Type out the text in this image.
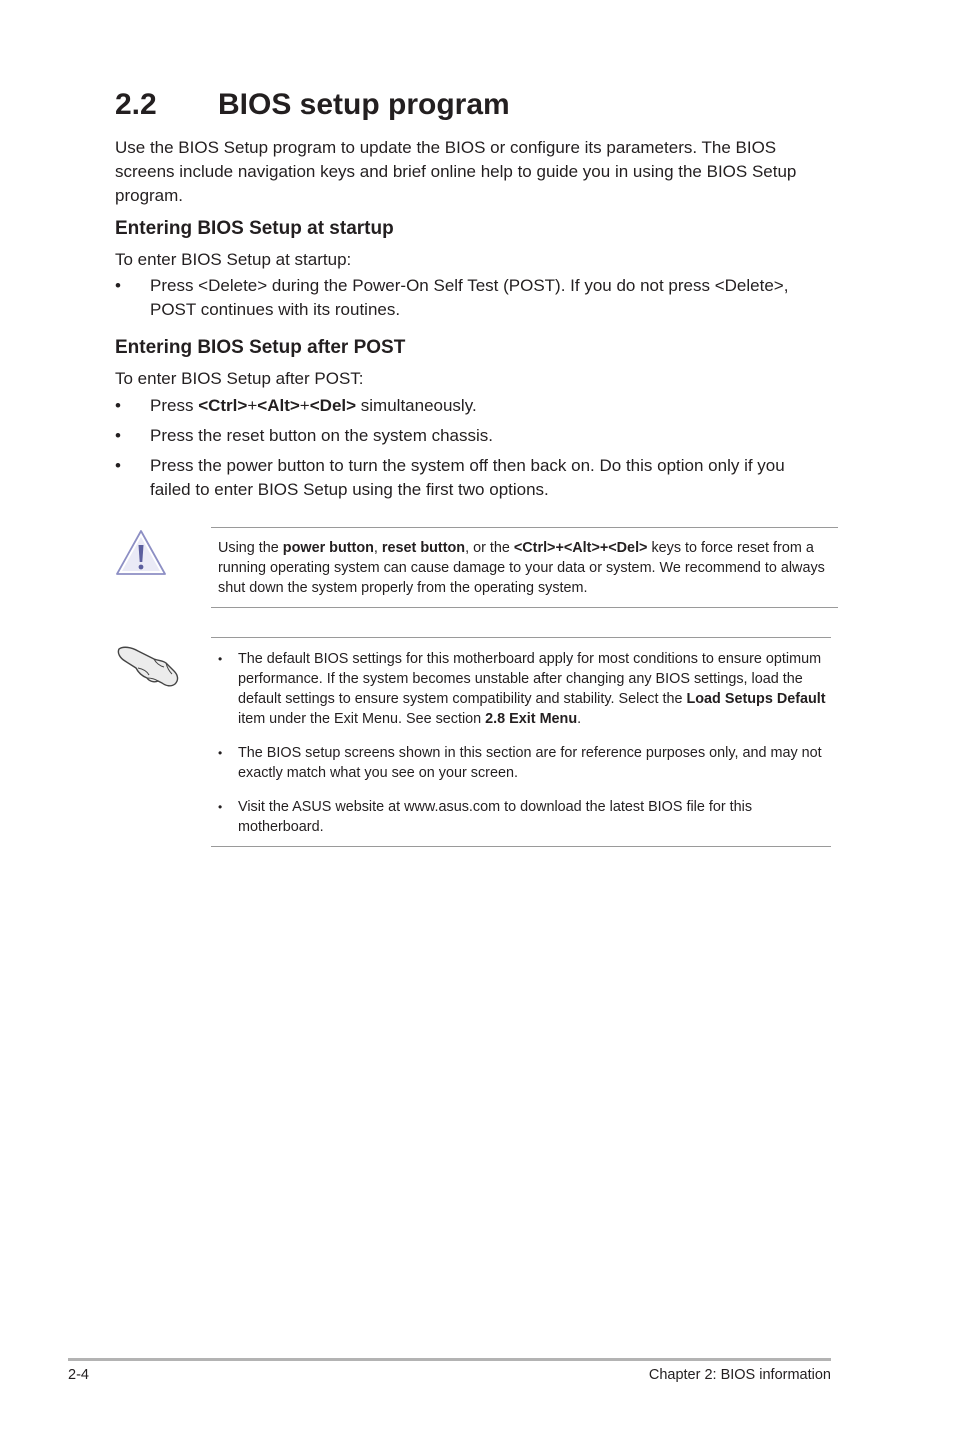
2.2 BIOS setup program

Use the BIOS Setup program to update the BIOS or configure its parameters. The BIOS screens include navigation keys and brief online help to guide you in using the BIOS Setup program.

Entering BIOS Setup at startup

To enter BIOS Setup at startup:

• Press <Delete> during the Power-On Self Test (POST). If you do not press <Delete>, POST continues with its routines.
Entering BIOS Setup after POST

To enter BIOS Setup after POST:

• Press <Ctrl>+<Alt>+<Del> simultaneously.
• Press the reset button on the system chassis.
• Press the power button to turn the system off then back on. Do this option only if you failed to enter BIOS Setup using the first two options.
Using the power button, reset button, or the <Ctrl>+<Alt>+<Del> keys to force reset from a running operating system can cause damage to your data or system. We recommend to always shut down the system properly from the operating system.
• The default BIOS settings for this motherboard apply for most conditions to ensure optimum performance. If the system becomes unstable after changing any BIOS settings, load the default settings to ensure system compatibility and stability. Select the Load Setups Default item under the Exit Menu. See section 2.8 Exit Menu.
• The BIOS setup screens shown in this section are for reference purposes only, and may not exactly match what you see on your screen.
• Visit the ASUS website at www.asus.com to download the latest BIOS file for this motherboard.
2-4	Chapter 2: BIOS information
